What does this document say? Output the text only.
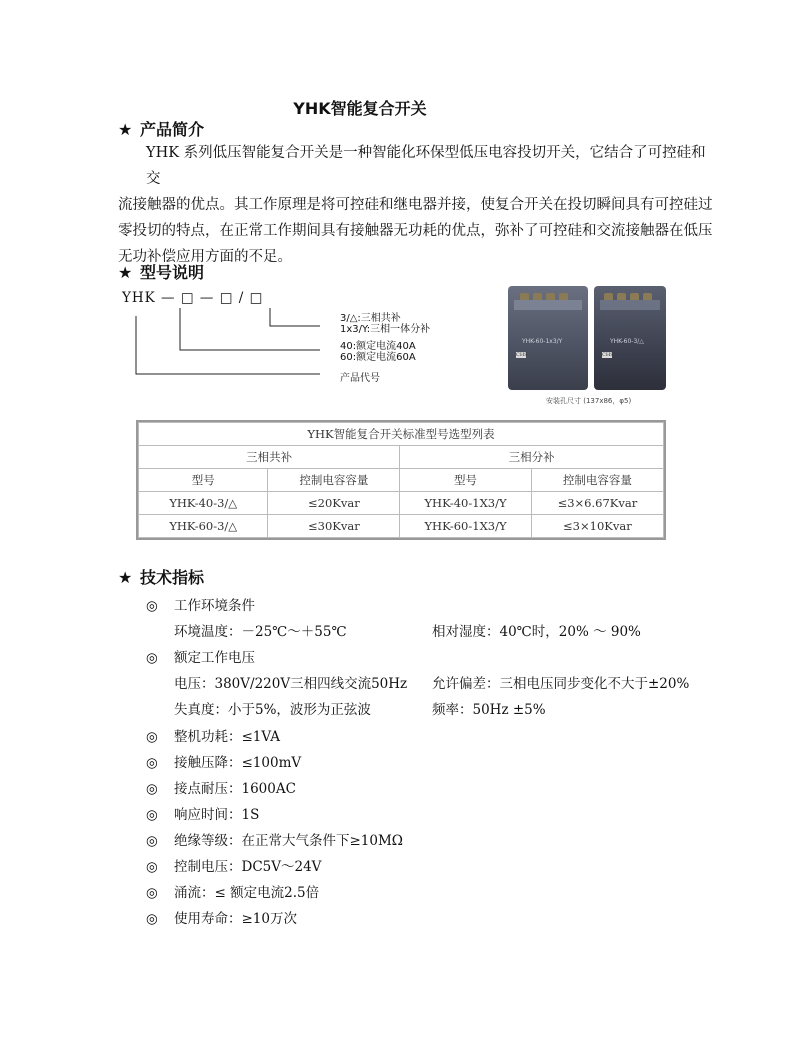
YHK智能复合开关
★ 产品简介
YHK 系列低压智能复合开关是一种智能化环保型低压电容投切开关，它结合了可控硅和交
流接触器的优点。其工作原理是将可控硅和继电器并接，使复合开关在投切瞬间具有可控硅过
零投切的特点，在正常工作期间具有接触器无功耗的优点，弥补了可控硅和交流接触器在低压
无功补偿应用方面的不足。
★ 型号说明
YHK — □ — □ / □
3/△:三相共补
1x3/Y:三相一体分补
40:额定电流40A
60:额定电流60A
产品代号
YHK-60-1x3/Y
CHS
YHK-60-3/△
CHS
安装孔尺寸 (137x86，φ5)
YHK智能复合开关标准型号选型列表			
三相共补		三相分补	
型号	控制电容容量	型号	控制电容容量
YHK-40-3/△	≤20Kvar	YHK-40-1X3/Y	≤3×6.67Kvar
YHK-60-3/△	≤30Kvar	YHK-60-1X3/Y	≤3×10Kvar
★ 技术指标
◎ 工作环境条件
环境温度：－25℃～＋55℃	相对湿度：40℃时，20% ～ 90%
◎ 额定工作电压
电压：380V/220V三相四线交流50Hz 允许偏差：三相电压同步变化不大于±20%
失真度：小于5%，波形为正弦波	频率：50Hz ±5%
◎ 整机功耗：≤1VA
◎ 接触压降：≤100mV
◎ 接点耐压：1600AC
◎ 响应时间：1S
◎ 绝缘等级：在正常大气条件下≥10MΩ
◎ 控制电压：DC5V～24V
◎ 涌流：≤ 额定电流2.5倍
◎ 使用寿命：≥10万次
